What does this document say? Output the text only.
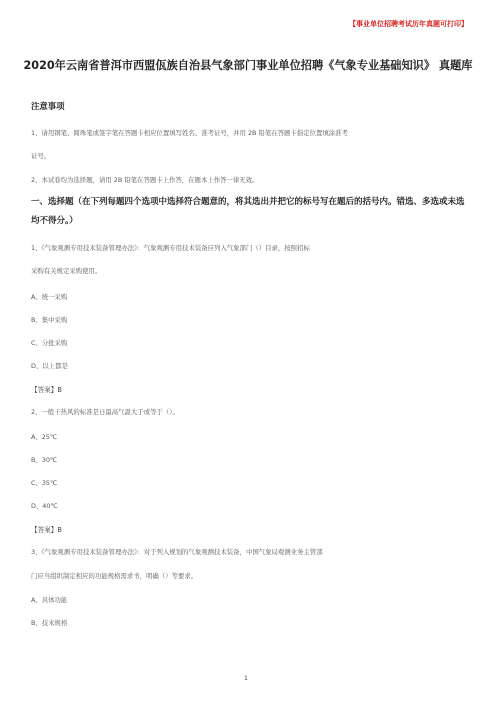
【事业单位招聘考试历年真题可打印】
2020年云南省普洱市西盟佤族自治县气象部门事业单位招聘《气象专业基础知识》 真题库
注意事项
1、请用钢笔、圆珠笔或签字笔在答题卡相应位置填写姓名、准考证号，并用 2B 铅笔在答题卡指定位置填涂准考
证号。
2、本试卷均为选择题，请用 2B 铅笔在答题卡上作答，在题本上作答一律无效。
一、选择题（在下列每题四个选项中选择符合题意的，将其选出并把它的标号写在题后的括号内。错选、多选或未选均不得分。）
1、《气象观测专用技术装备管理办法》：气象观测专用技术装备应列入气象部门（）目录，按照招标
采购有关规定采购使用。
A、统一采购
B、集中采购
C、分批采购
D、以上都是
【答案】B
2、一般干热风的标准是日最高气温大于或等于（）。
A、25℃
B、30℃
C、35℃
D、40℃
【答案】B
3、《气象观测专用技术装备管理办法》：对于列入规划的气象观测技术装备，中国气象局观测业务主管部
门应当组织制定相应的功能规格需求书，明确（）等要求。
A、具体功能
B、技术规格
1
